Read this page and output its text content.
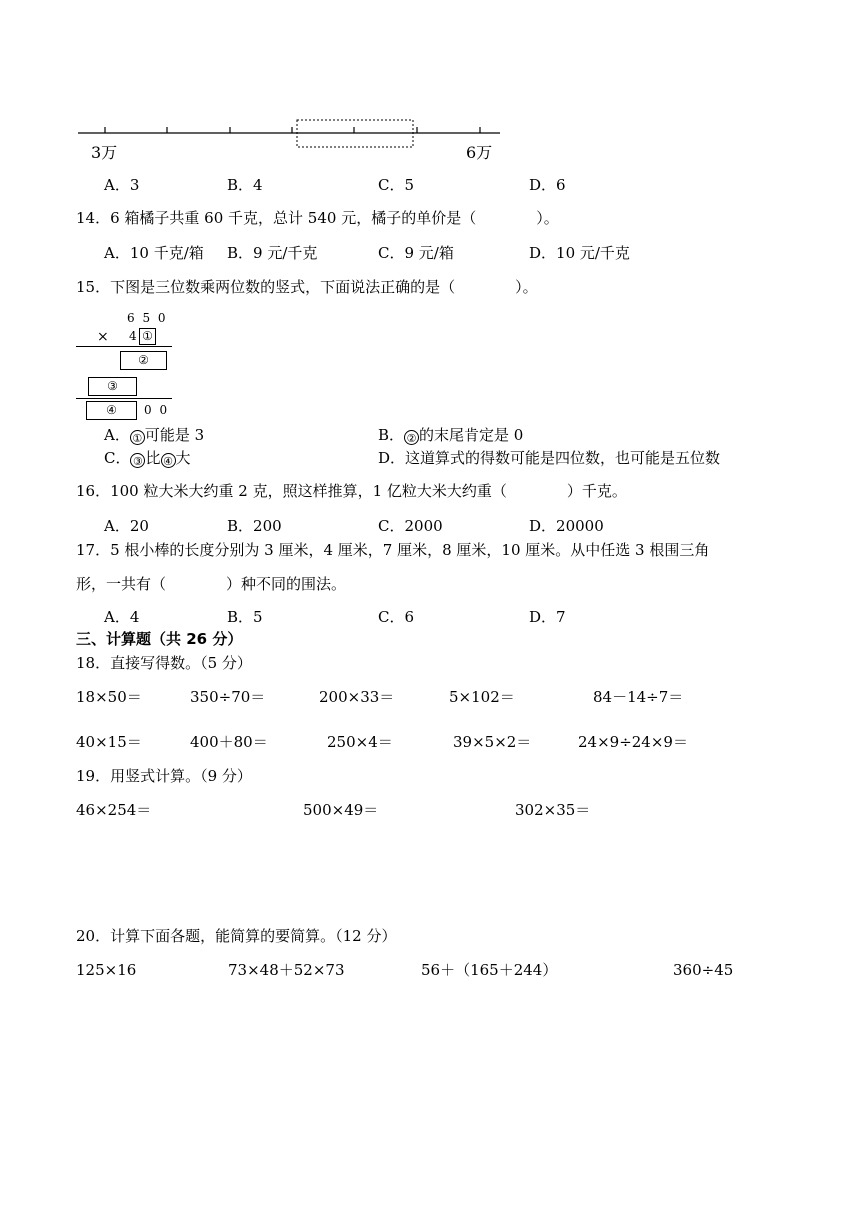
3万	6万
A．3	B．4	C．5	D．6
14．6 箱橘子共重 60 千克，总计 540 元，橘子的单价是（　　　　）。
A．10 千克/箱 B．9 元/千克	C．9 元/箱	D．10 元/千克
15．下图是三位数乘两位数的竖式，下面说法正确的是（　　　　）。
6 5 0
× 4 ①
②
③
④	0 0
A． ① 可能是 3	B． ② 的末尾肯定是 0
C． ③ 比 ④ 大	D．这道算式的得数可能是四位数，也可能是五位数
16．100 粒大米大约重 2 克，照这样推算，1 亿粒大米大约重（　　　　）千克。
A．20	B．200	C．2000	D．20000
17．5 根小棒的长度分别为 3 厘米，4 厘米，7 厘米，8 厘米，10 厘米。从中任选 3 根围三角
形，一共有（　　　　）种不同的围法。
A．4	B．5	C．6	D．7
三、计算题（共 26 分）
18．直接写得数。（5 分）
18×50＝	350÷70＝	200×33＝	5×102＝	84－14÷7＝
40×15＝	400＋80＝	250×4＝	39×5×2＝	24×9÷24×9＝
19．用竖式计算。（9 分）
46×254＝	500×49＝	302×35＝
20．计算下面各题，能简算的要简算。（12 分）
125×16	73×48＋52×73	56＋（165＋244）	360÷45
